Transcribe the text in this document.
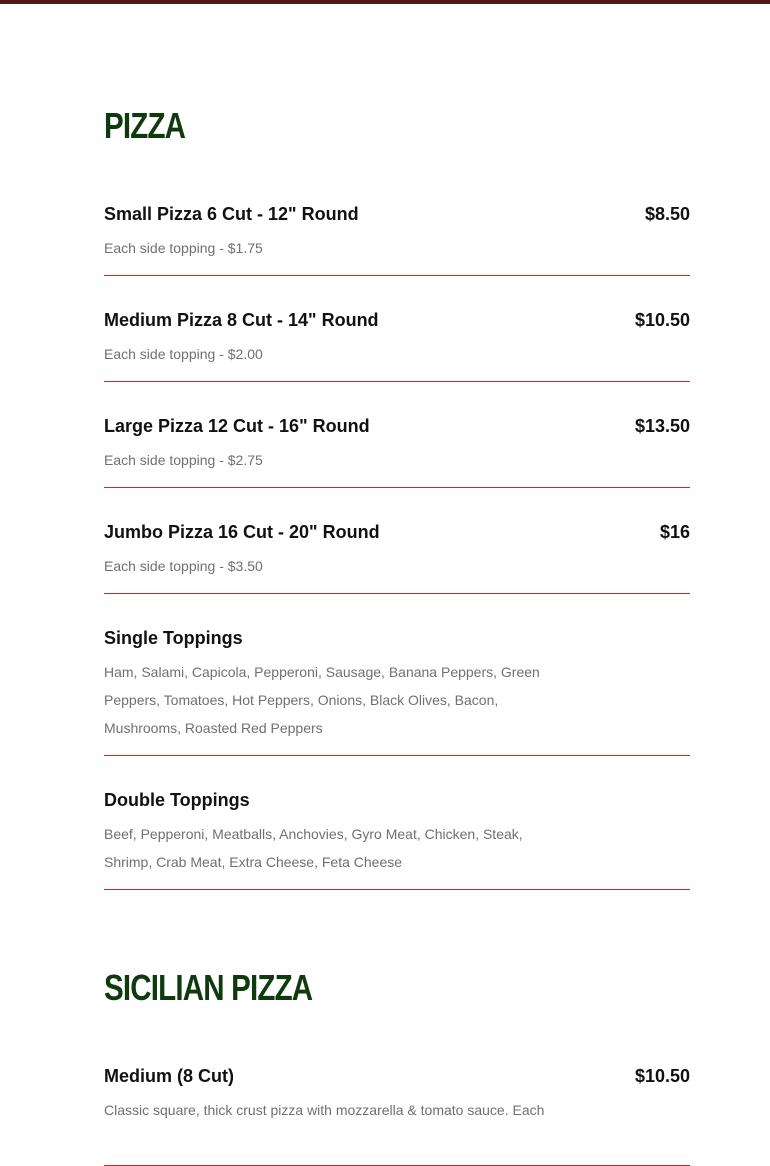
PIZZA
Small Pizza 6 Cut - 12" Round	$8.50
Each side topping - $1.75
Medium Pizza 8 Cut - 14" Round	$10.50
Each side topping - $2.00
Large Pizza 12 Cut - 16" Round	$13.50
Each side topping - $2.75
Jumbo Pizza 16 Cut - 20" Round	$16
Each side topping - $3.50
Single Toppings
Ham, Salami, Capicola, Pepperoni, Sausage, Banana Peppers, Green Peppers, Tomatoes, Hot Peppers, Onions, Black Olives, Bacon, Mushrooms, Roasted Red Peppers
Double Toppings
Beef, Pepperoni, Meatballs, Anchovies, Gyro Meat, Chicken, Steak, Shrimp, Crab Meat, Extra Cheese, Feta Cheese
SICILIAN PIZZA
Medium (8 Cut)	$10.50
Classic square, thick crust pizza with mozzarella & tomato sauce. Each
